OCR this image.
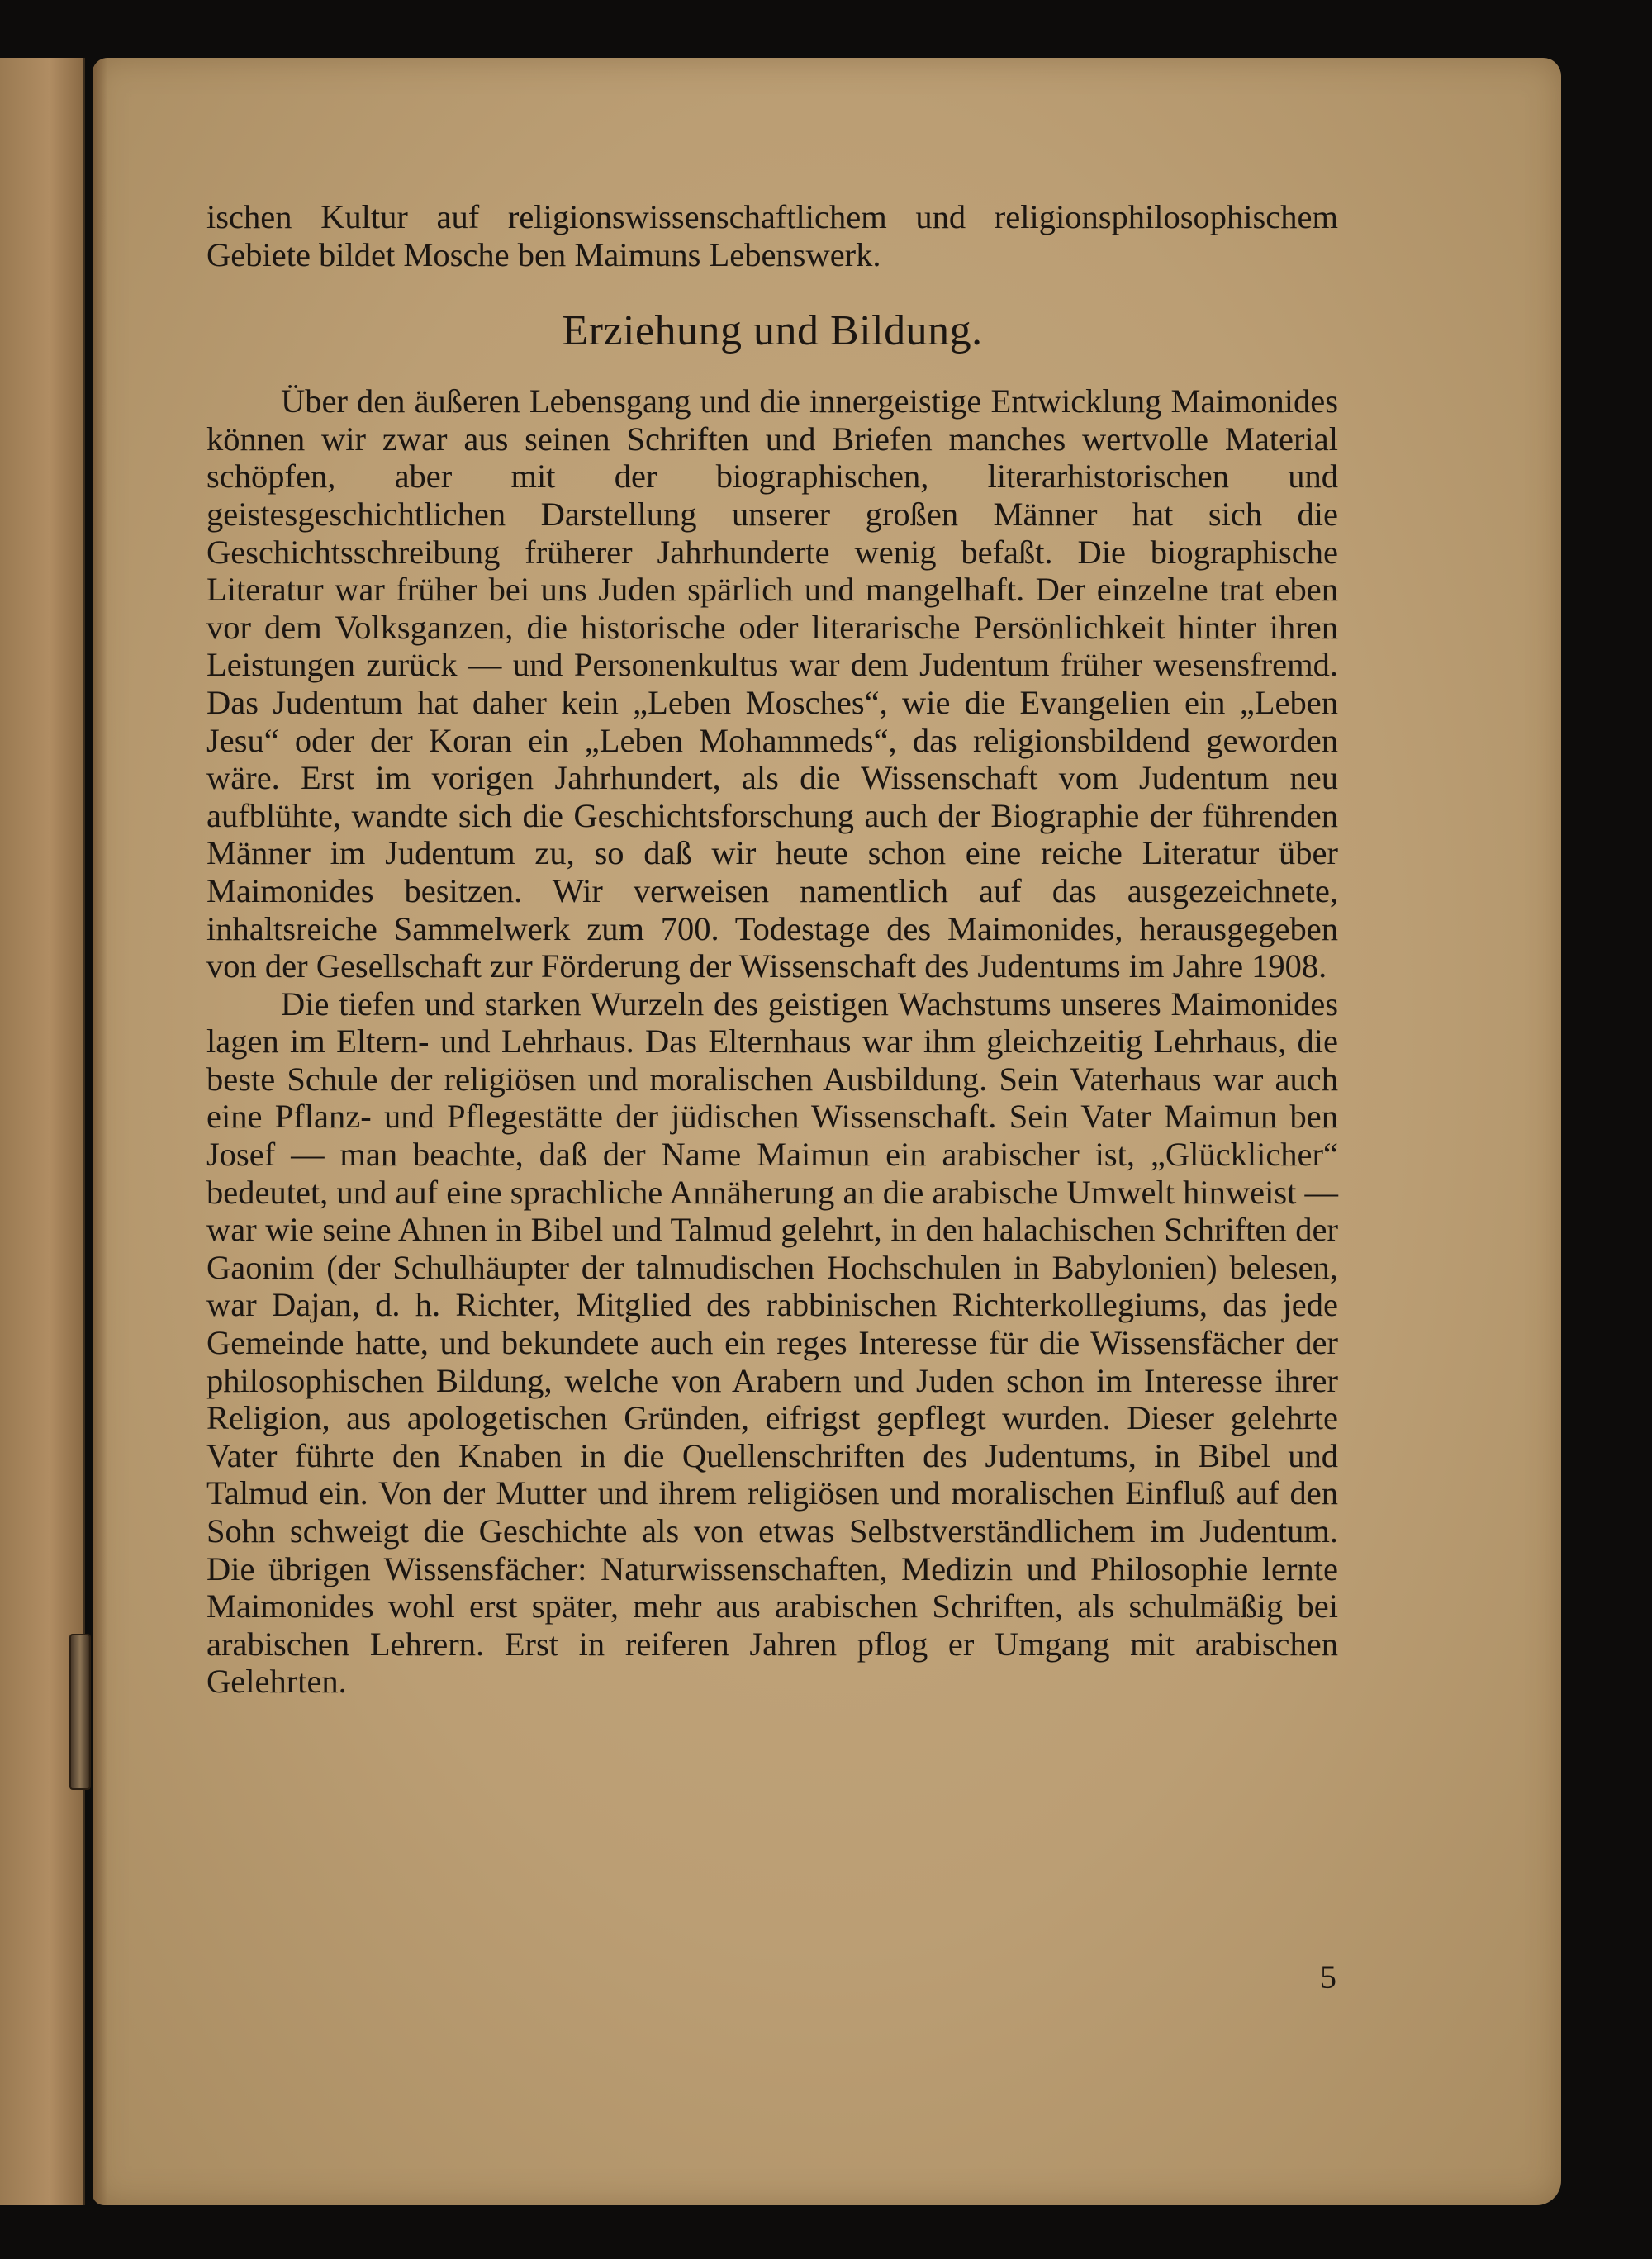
ischen Kultur auf religionswissenschaftlichem und religionsphilosophischem Gebiete bildet Mosche ben Maimuns Lebenswerk.

Erziehung und Bildung.

Über den äußeren Lebensgang und die innergeistige Entwicklung Maimonides können wir zwar aus seinen Schriften und Briefen manches wertvolle Material schöpfen, aber mit der biographischen, literarhistorischen und geistesgeschichtlichen Darstellung unserer großen Männer hat sich die Geschichtsschreibung früherer Jahrhunderte wenig befaßt. Die biographische Literatur war früher bei uns Juden spärlich und mangelhaft. Der einzelne trat eben vor dem Volksganzen, die historische oder literarische Persönlichkeit hinter ihren Leistungen zurück — und Personenkultus war dem Judentum früher wesensfremd. Das Judentum hat daher kein „Leben Mosches“, wie die Evangelien ein „Leben Jesu“ oder der Koran ein „Leben Mohammeds“, das religionsbildend geworden wäre. Erst im vorigen Jahrhundert, als die Wissenschaft vom Judentum neu aufblühte, wandte sich die Geschichtsforschung auch der Biographie der führenden Männer im Judentum zu, so daß wir heute schon eine reiche Literatur über Maimonides besitzen. Wir verweisen namentlich auf das ausgezeichnete, inhaltsreiche Sammelwerk zum 700. Todestage des Maimonides, herausgegeben von der Gesellschaft zur Förderung der Wissenschaft des Judentums im Jahre 1908.

Die tiefen und starken Wurzeln des geistigen Wachstums unseres Maimonides lagen im Eltern- und Lehrhaus. Das Elternhaus war ihm gleichzeitig Lehrhaus, die beste Schule der religiösen und moralischen Ausbildung. Sein Vaterhaus war auch eine Pflanz- und Pflegestätte der jüdischen Wissenschaft. Sein Vater Maimun ben Josef — man beachte, daß der Name Maimun ein arabischer ist, „Glücklicher“ bedeutet, und auf eine sprachliche Annäherung an die arabische Umwelt hinweist — war wie seine Ahnen in Bibel und Talmud gelehrt, in den halachischen Schriften der Gaonim (der Schulhäupter der talmudischen Hochschulen in Babylonien) belesen, war Dajan, d. h. Richter, Mitglied des rabbinischen Richterkollegiums, das jede Gemeinde hatte, und bekundete auch ein reges Interesse für die Wissensfächer der philosophischen Bildung, welche von Arabern und Juden schon im Interesse ihrer Religion, aus apologetischen Gründen, eifrigst gepflegt wurden. Dieser gelehrte Vater führte den Knaben in die Quellenschriften des Judentums, in Bibel und Talmud ein. Von der Mutter und ihrem religiösen und moralischen Einfluß auf den Sohn schweigt die Geschichte als von etwas Selbstverständlichem im Judentum. Die übrigen Wissensfächer: Naturwissenschaften, Medizin und Philosophie lernte Maimonides wohl erst später, mehr aus arabischen Schriften, als schulmäßig bei arabischen Lehrern. Erst in reiferen Jahren pflog er Umgang mit arabischen Gelehrten.

5
